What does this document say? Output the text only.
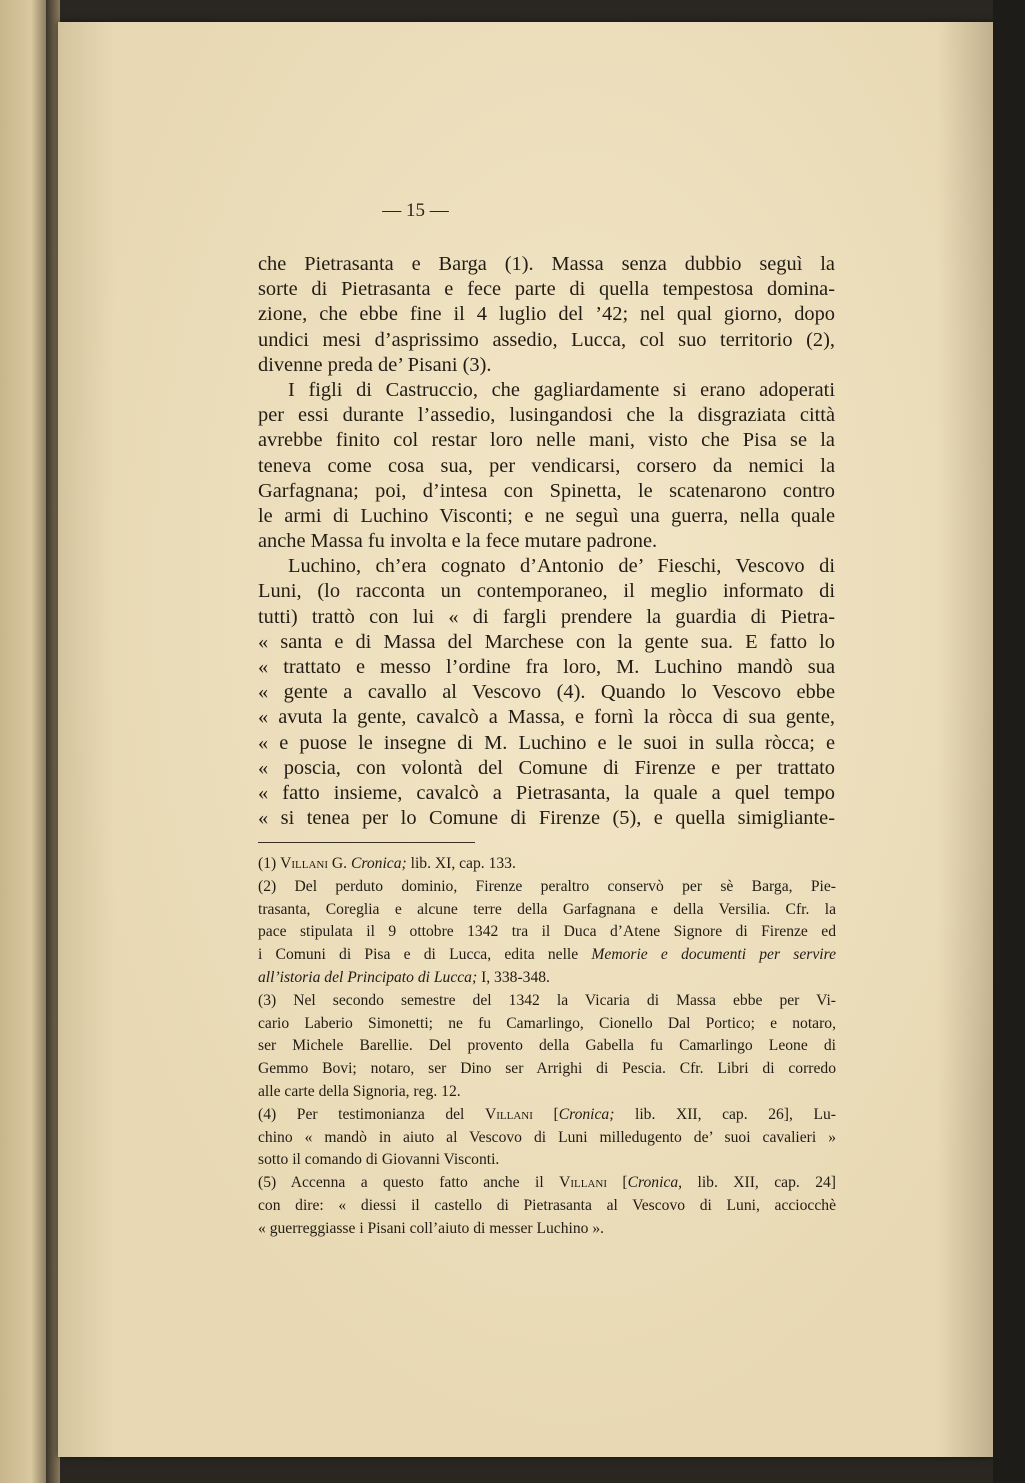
— 15 —
che Pietrasanta e Barga (1). Massa senza dubbio seguì la
sorte di Pietrasanta e fece parte di quella tempestosa domina-
zione, che ebbe fine il 4 luglio del ’42; nel qual giorno, dopo
undici mesi d’asprissimo assedio, Lucca, col suo territorio (2),
divenne preda de’ Pisani (3).
I figli di Castruccio, che gagliardamente si erano adoperati
per essi durante l’assedio, lusingandosi che la disgraziata città
avrebbe finito col restar loro nelle mani, visto che Pisa se la
teneva come cosa sua, per vendicarsi, corsero da nemici la
Garfagnana; poi, d’intesa con Spinetta, le scatenarono contro
le armi di Luchino Visconti; e ne seguì una guerra, nella quale
anche Massa fu involta e la fece mutare padrone.
Luchino, ch’era cognato d’Antonio de’ Fieschi, Vescovo di
Luni, (lo racconta un contemporaneo, il meglio informato di
tutti) trattò con lui « di fargli prendere la guardia di Pietra-
« santa e di Massa del Marchese con la gente sua. E fatto lo
« trattato e messo l’ordine fra loro, M. Luchino mandò sua
« gente a cavallo al Vescovo (4). Quando lo Vescovo ebbe
« avuta la gente, cavalcò a Massa, e fornì la ròcca di sua gente,
« e puose le insegne di M. Luchino e le suoi in sulla ròcca; e
« poscia, con volontà del Comune di Firenze e per trattato
« fatto insieme, cavalcò a Pietrasanta, la quale a quel tempo
« si tenea per lo Comune di Firenze (5), e quella simigliante-
(1) Villani G. Cronica; lib. XI, cap. 133.
(2) Del perduto dominio, Firenze peraltro conservò per sè Barga, Pie-
trasanta, Coreglia e alcune terre della Garfagnana e della Versilia. Cfr. la
pace stipulata il 9 ottobre 1342 tra il Duca d’Atene Signore di Firenze ed
i Comuni di Pisa e di Lucca, edita nelle Memorie e documenti per servire
all’istoria del Principato di Lucca; I, 338-348.
(3) Nel secondo semestre del 1342 la Vicaria di Massa ebbe per Vi-
cario Laberio Simonetti; ne fu Camarlingo, Cionello Dal Portico; e notaro,
ser Michele Barellie. Del provento della Gabella fu Camarlingo Leone di
Gemmo Bovi; notaro, ser Dino ser Arrighi di Pescia. Cfr. Libri di corredo
alle carte della Signoria, reg. 12.
(4) Per testimonianza del Villani [Cronica; lib. XII, cap. 26], Lu-
chino « mandò in aiuto al Vescovo di Luni milledugento de’ suoi cavalieri »
sotto il comando di Giovanni Visconti.
(5) Accenna a questo fatto anche il Villani [Cronica, lib. XII, cap. 24]
con dire: « diessi il castello di Pietrasanta al Vescovo di Luni, acciocchè
« guerreggiasse i Pisani coll’aiuto di messer Luchino ».
